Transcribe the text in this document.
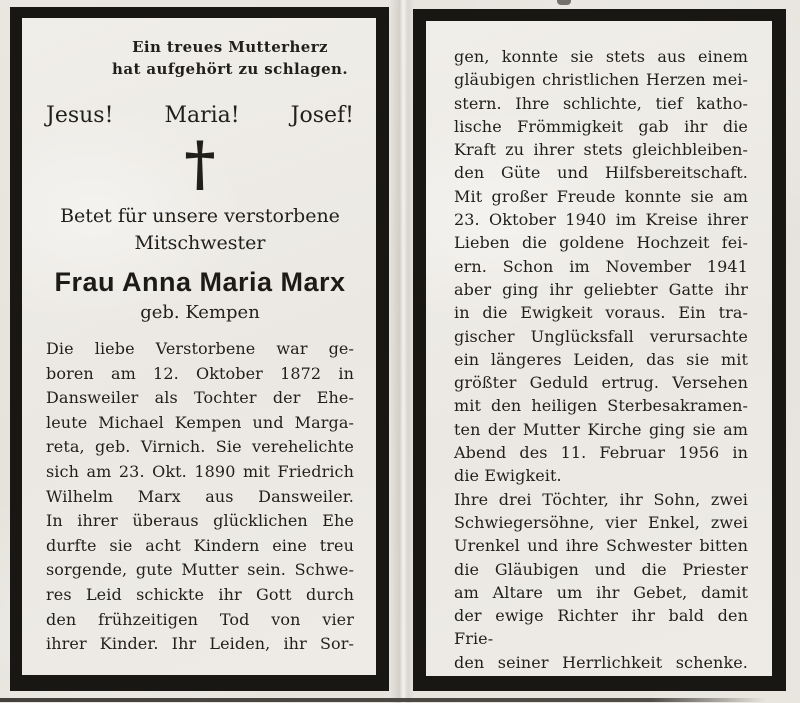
Ein treues Mutterherz
hat aufgehört zu schlagen.
Jesus! Maria! Josef!
†
Betet für unsere verstorbene
Mitschwester
Frau Anna Maria Marx
geb. Kempen
Die liebe Verstorbene war ge-
boren am 12. Oktober 1872 in
Dansweiler als Tochter der Ehe-
leute Michael Kempen und Marga-
reta, geb. Virnich. Sie verehelichte
sich am 23. Okt. 1890 mit Friedrich
Wilhelm Marx aus Dansweiler.
In ihrer überaus glücklichen Ehe
durfte sie acht Kindern eine treu
sorgende, gute Mutter sein. Schwe-
res Leid schickte ihr Gott durch
den frühzeitigen Tod von vier
ihrer Kinder. Ihr Leiden, ihr Sor-
gen, konnte sie stets aus einem
gläubigen christlichen Herzen mei-
stern. Ihre schlichte, tief katho-
lische Frömmigkeit gab ihr die
Kraft zu ihrer stets gleichbleiben-
den Güte und Hilfsbereitschaft.
Mit großer Freude konnte sie am
23. Oktober 1940 im Kreise ihrer
Lieben die goldene Hochzeit fei-
ern. Schon im November 1941
aber ging ihr geliebter Gatte ihr
in die Ewigkeit voraus. Ein tra-
gischer Unglücksfall verursachte
ein längeres Leiden, das sie mit
größter Geduld ertrug. Versehen
mit den heiligen Sterbesakramen-
ten der Mutter Kirche ging sie am
Abend des 11. Februar 1956 in
die Ewigkeit.
Ihre drei Töchter, ihr Sohn, zwei
Schwiegersöhne, vier Enkel, zwei
Urenkel und ihre Schwester bitten
die Gläubigen und die Priester
am Altare um ihr Gebet, damit
der ewige Richter ihr bald den Frie-
den seiner Herrlichkeit schenke.
